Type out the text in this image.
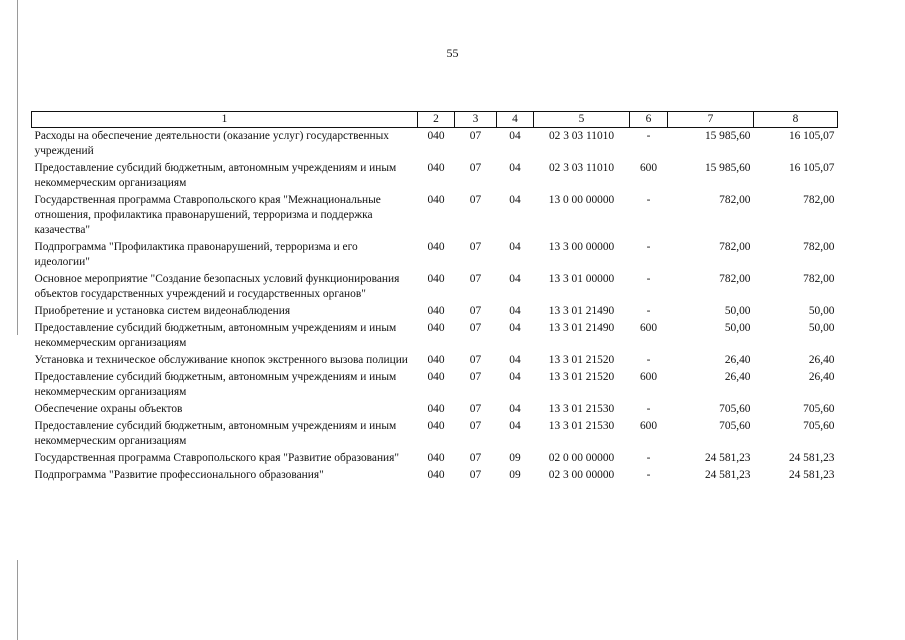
55
1	2	3	4	5	6	7	8
Расходы на обеспечение деятельности (оказание услуг) государственных учреждений	040	07	04	02 3 03 11010	-	15 985,60	16 105,07
Предоставление субсидий бюджетным, автономным учреждениям и иным некоммерческим организациям	040	07	04	02 3 03 11010	600	15 985,60	16 105,07
Государственная программа Ставропольского края "Межнациональные отношения, профилактика правонарушений, терроризма и поддержка казачества"	040	07	04	13 0 00 00000	-	782,00	782,00
Подпрограмма "Профилактика правонарушений, терроризма и его идеологии"	040	07	04	13 3 00 00000	-	782,00	782,00
Основное мероприятие "Создание безопасных условий функционирования объектов государственных учреждений и государственных органов"	040	07	04	13 3 01 00000	-	782,00	782,00
Приобретение и установка систем видеонаблюдения	040	07	04	13 3 01 21490	-	50,00	50,00
Предоставление субсидий бюджетным, автономным учреждениям и иным некоммерческим организациям	040	07	04	13 3 01 21490	600	50,00	50,00
Установка и техническое обслуживание кнопок экстренного вызова полиции	040	07	04	13 3 01 21520	-	26,40	26,40
Предоставление субсидий бюджетным, автономным учреждениям и иным некоммерческим организациям	040	07	04	13 3 01 21520	600	26,40	26,40
Обеспечение охраны объектов	040	07	04	13 3 01 21530	-	705,60	705,60
Предоставление субсидий бюджетным, автономным учреждениям и иным некоммерческим организациям	040	07	04	13 3 01 21530	600	705,60	705,60
Государственная программа Ставропольского края "Развитие образования"	040	07	09	02 0 00 00000	-	24 581,23	24 581,23
Подпрограмма "Развитие профессионального образования"	040	07	09	02 3 00 00000	-	24 581,23	24 581,23
